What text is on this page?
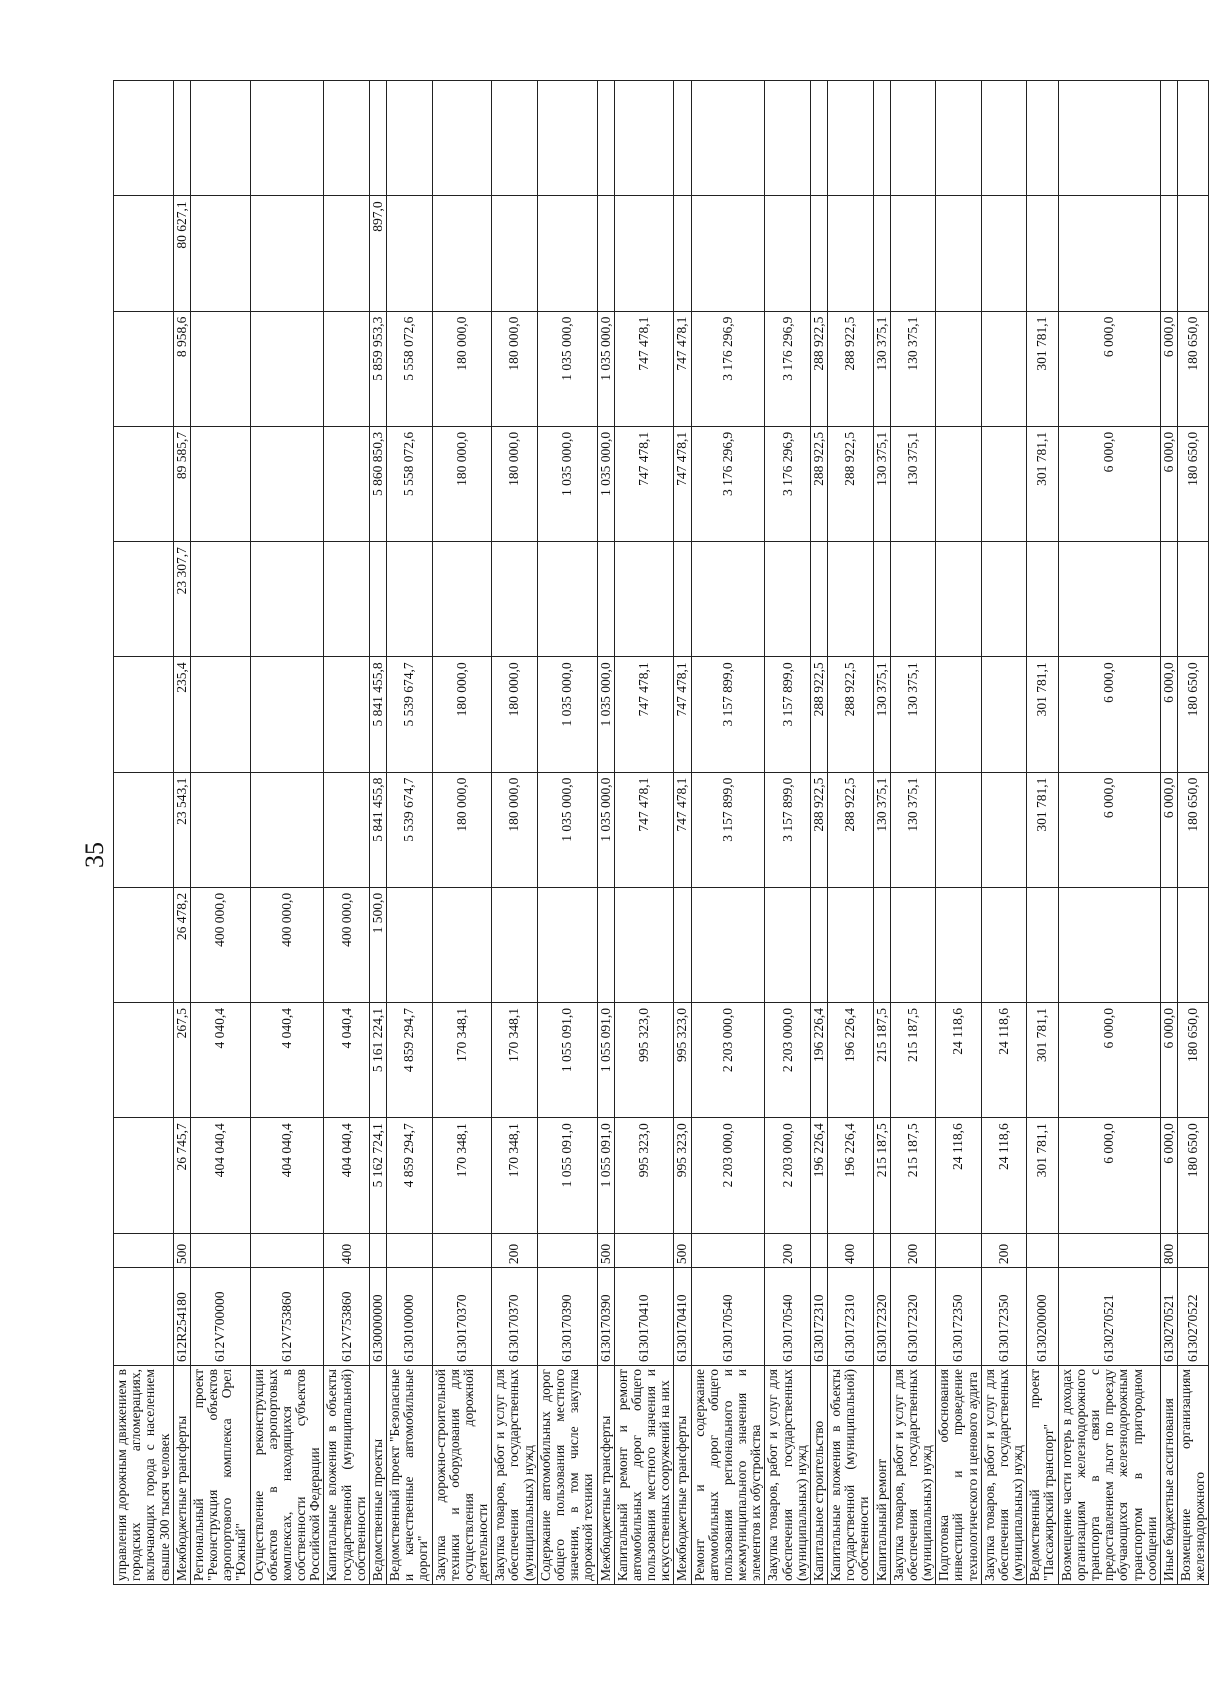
35
управления дорожным движением в городских агломерациях, включающих города с населением свыше 300 тысяч человек												
Межбюджетные трансферты	612R254180	500	26 745,7	267,5	26 478,2	23 543,1	235,4	23 307,7	89 585,7	8 958,6	80 627,1	
Региональный проект "Реконструкция объектов аэропортового комплекса Орел "Южный"	612V700000		404 040,4	4 040,4	400 000,0							
Осуществление реконструкции объектов в аэропортовых комплексах, находящихся в собственности субъектов Российской Федерации	612V753860		404 040,4	4 040,4	400 000,0							
Капитальные вложения в объекты государственной (муниципальной) собственности	612V753860	400	404 040,4	4 040,4	400 000,0							
Ведомственные проекты	6130000000		5 162 724,1	5 161 224,1	1 500,0	5 841 455,8	5 841 455,8		5 860 850,3	5 859 953,3	897,0	
Ведомственный проект "Безопасные и качественные автомобильные дороги"	6130100000		4 859 294,7	4 859 294,7		5 539 674,7	5 539 674,7		5 558 072,6	5 558 072,6		
Закупка дорожно-строительной техники и оборудования для осуществления дорожной деятельности	6130170370		170 348,1	170 348,1		180 000,0	180 000,0		180 000,0	180 000,0		
Закупка товаров, работ и услуг для обеспечения государственных (муниципальных) нужд	6130170370	200	170 348,1	170 348,1		180 000,0	180 000,0		180 000,0	180 000,0		
Содержание автомобильных дорог общего пользования местного значения, в том числе закупка дорожной техники	6130170390		1 055 091,0	1 055 091,0		1 035 000,0	1 035 000,0		1 035 000,0	1 035 000,0		
Межбюджетные трансферты	6130170390	500	1 055 091,0	1 055 091,0		1 035 000,0	1 035 000,0		1 035 000,0	1 035 000,0		
Капитальный ремонт и ремонт автомобильных дорог общего пользования местного значения и искусственных сооружений на них	6130170410		995 323,0	995 323,0		747 478,1	747 478,1		747 478,1	747 478,1		
Межбюджетные трансферты	6130170410	500	995 323,0	995 323,0		747 478,1	747 478,1		747 478,1	747 478,1		
Ремонт и содержание автомобильных дорог общего пользования регионального и межмуниципального значения и элементов их обустройства	6130170540		2 203 000,0	2 203 000,0		3 157 899,0	3 157 899,0		3 176 296,9	3 176 296,9		
Закупка товаров, работ и услуг для обеспечения государственных (муниципальных) нужд	6130170540	200	2 203 000,0	2 203 000,0		3 157 899,0	3 157 899,0		3 176 296,9	3 176 296,9		
Капитальное строительство	6130172310		196 226,4	196 226,4		288 922,5	288 922,5		288 922,5	288 922,5		
Капитальные вложения в объекты государственной (муниципальной) собственности	6130172310	400	196 226,4	196 226,4		288 922,5	288 922,5		288 922,5	288 922,5		
Капитальный ремонт	6130172320		215 187,5	215 187,5		130 375,1	130 375,1		130 375,1	130 375,1		
Закупка товаров, работ и услуг для обеспечения государственных (муниципальных) нужд	6130172320	200	215 187,5	215 187,5		130 375,1	130 375,1		130 375,1	130 375,1		
Подготовка обоснования инвестиций и проведение технологического и ценового аудита	6130172350		24 118,6	24 118,6								
Закупка товаров, работ и услуг для обеспечения государственных (муниципальных) нужд	6130172350	200	24 118,6	24 118,6								
Ведомственный проект "Пассажирский транспорт"	6130200000		301 781,1	301 781,1		301 781,1	301 781,1		301 781,1	301 781,1		
Возмещение части потерь в доходах организациям железнодорожного транспорта в связи с предоставлением льгот по проезду обучающихся железнодорожным транспортом в пригородном сообщении	6130270521		6 000,0	6 000,0		6 000,0	6 000,0		6 000,0	6 000,0		
Иные бюджетные ассигнования	6130270521	800	6 000,0	6 000,0		6 000,0	6 000,0		6 000,0	6 000,0		
Возмещение организациям железнодорожного	6130270522		180 650,0	180 650,0		180 650,0	180 650,0		180 650,0	180 650,0		
